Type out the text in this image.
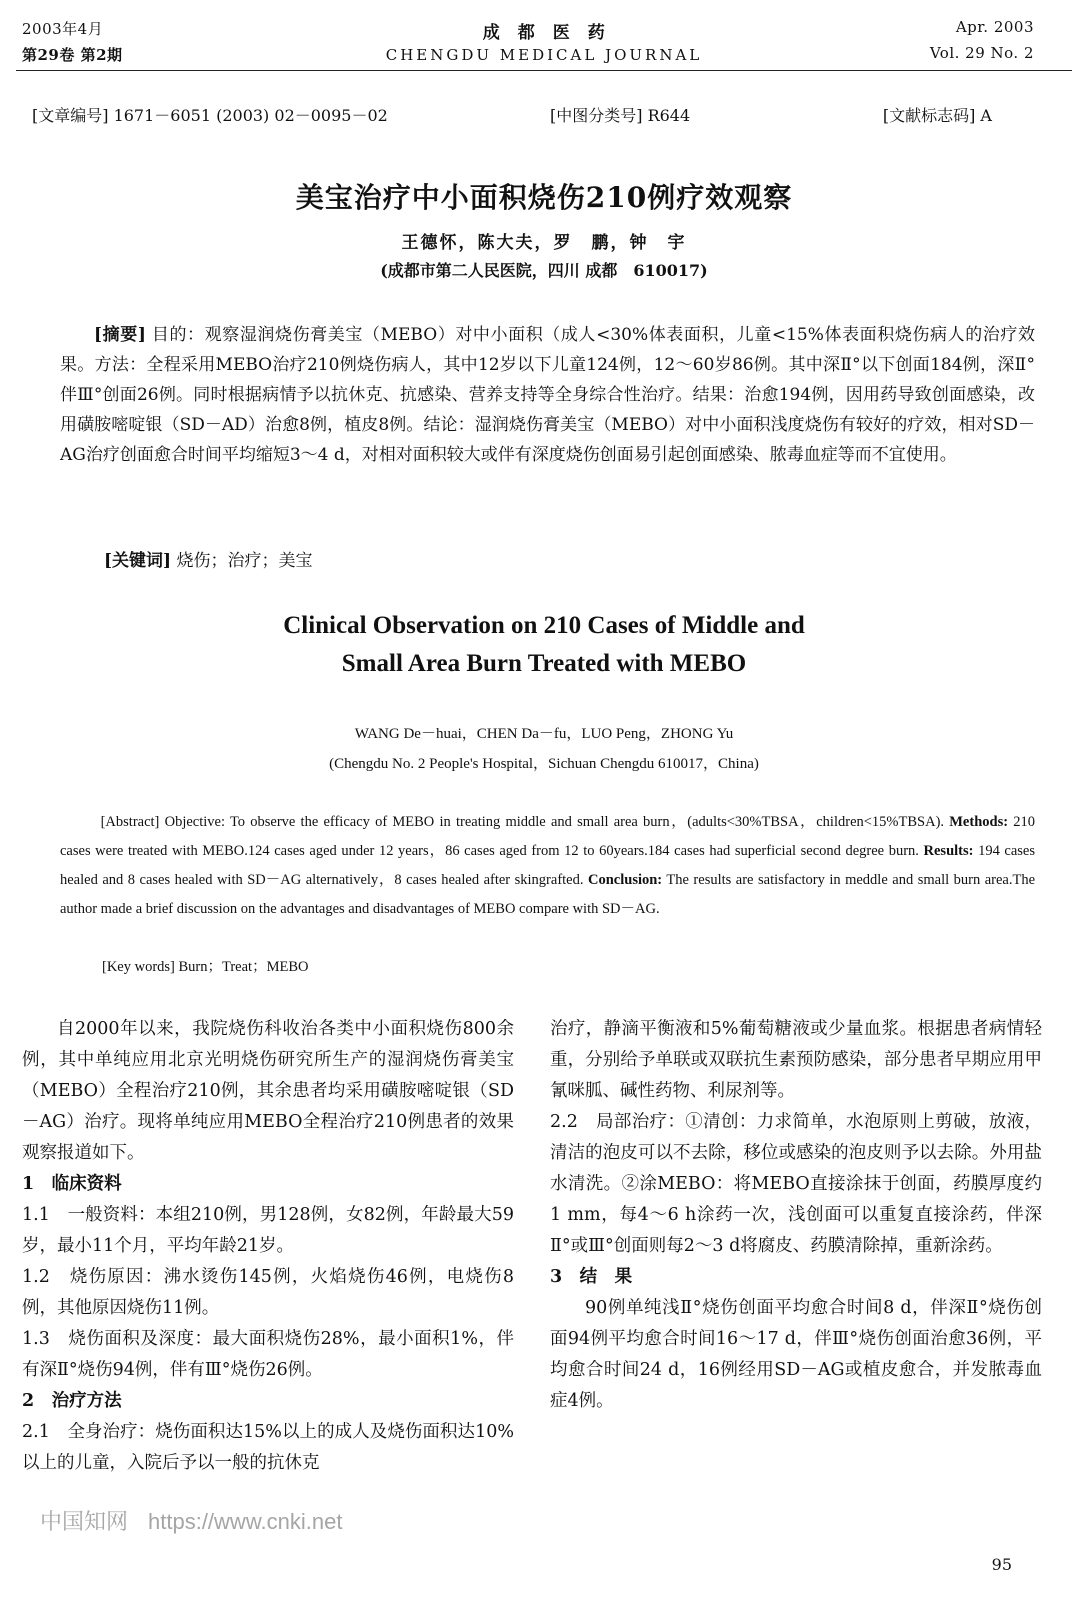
2003年4月
第29卷 第2期
成　都　医　药
CHENGDU MEDICAL JOURNAL
Apr. 2003
Vol. 29 No. 2
[文章编号] 1671－6051 (2003) 02－0095－02	[中图分类号] R644	[文献标志码] A
美宝治疗中小面积烧伤210例疗效观察
王德怀，陈大夫，罗　鹏，钟　宇
(成都市第二人民医院，四川 成都　610017)

[摘要] 目的：观察湿润烧伤膏美宝（MEBO）对中小面积（成人<30%体表面积，儿童<15%体表面积烧伤病人的治疗效果。方法：全程采用MEBO治疗210例烧伤病人，其中12岁以下儿童124例，12～60岁86例。其中深Ⅱ°以下创面184例，深Ⅱ°伴Ⅲ°创面26例。同时根据病情予以抗休克、抗感染、营养支持等全身综合性治疗。结果：治愈194例，因用药导致创面感染，改用磺胺嘧啶银（SD－AD）治愈8例，植皮8例。结论：湿润烧伤膏美宝（MEBO）对中小面积浅度烧伤有较好的疗效，相对SD－AG治疗创面愈合时间平均缩短3～4 d，对相对面积较大或伴有深度烧伤创面易引起创面感染、脓毒血症等而不宜使用。

[关键词] 烧伤；治疗；美宝
Clinical Observation on 210 Cases of Middle and
Small Area Burn Treated with MEBO
WANG De－huai，CHEN Da－fu，LUO Peng，ZHONG Yu
(Chengdu No. 2 People's Hospital，Sichuan Chengdu 610017，China)

[Abstract] Objective: To observe the efficacy of MEBO in treating middle and small area burn，(adults<30%TBSA，children<15%TBSA). Methods: 210 cases were treated with MEBO.124 cases aged under 12 years，86 cases aged from 12 to 60years.184 cases had superficial second degree burn. Results: 194 cases healed and 8 cases healed with SD－AG alternatively，8 cases healed after skingrafted. Conclusion: The results are satisfactory in meddle and small burn area.The author made a brief discussion on the advantages and disadvantages of MEBO compare with SD－AG.

[Key words] Burn；Treat；MEBO

自2000年以来，我院烧伤科收治各类中小面积烧伤800余例，其中单纯应用北京光明烧伤研究所生产的湿润烧伤膏美宝（MEBO）全程治疗210例，其余患者均采用磺胺嘧啶银（SD－AG）治疗。现将单纯应用MEBO全程治疗210例患者的效果观察报道如下。

1　临床资料

1.1　一般资料：本组210例，男128例，女82例，年龄最大59岁，最小11个月，平均年龄21岁。

1.2　烧伤原因：沸水烫伤145例，火焰烧伤46例，电烧伤8例，其他原因烧伤11例。

1.3　烧伤面积及深度：最大面积烧伤28%，最小面积1%，伴有深Ⅱ°烧伤94例，伴有Ⅲ°烧伤26例。

2　治疗方法

2.1　全身治疗：烧伤面积达15%以上的成人及烧伤面积达10%以上的儿童，入院后予以一般的抗休克

治疗，静滴平衡液和5%葡萄糖液或少量血浆。根据患者病情轻重，分别给予单联或双联抗生素预防感染，部分患者早期应用甲氰咪胍、碱性药物、利尿剂等。

2.2　局部治疗：①清创：力求简单，水泡原则上剪破，放液，清洁的泡皮可以不去除，移位或感染的泡皮则予以去除。外用盐水清洗。②涂MEBO：将MEBO直接涂抹于创面，药膜厚度约1 mm，每4～6 h涂药一次，浅创面可以重复直接涂药，伴深Ⅱ°或Ⅲ°创面则每2～3 d将腐皮、药膜清除掉，重新涂药。

3　结　果

90例单纯浅Ⅱ°烧伤创面平均愈合时间8 d，伴深Ⅱ°烧伤创面94例平均愈合时间16～17 d，伴Ⅲ°烧伤创面治愈36例，平均愈合时间24 d，16例经用SD－AG或植皮愈合，并发脓毒血症4例。

中国知网 https://www.cnki.net
95
